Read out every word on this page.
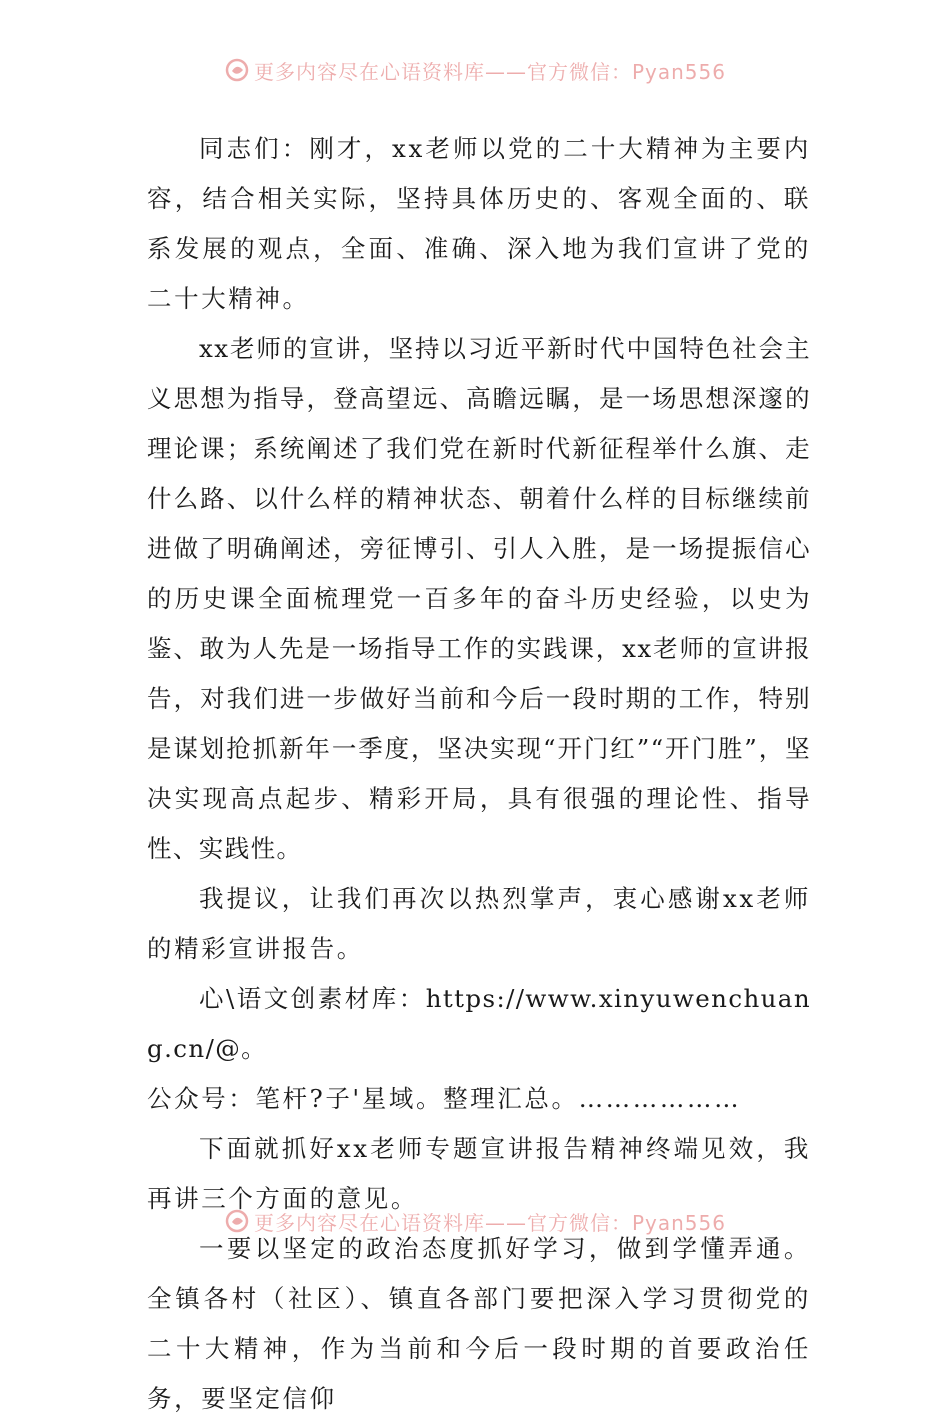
更多内容尽在心语资料库——官方微信：Pyan556

同志们：刚才，xx老师以党的二十大精神为主要内容，结合相关实际，坚持具体历史的、客观全面的、联系发展的观点，全面、准确、深入地为我们宣讲了党的二十大精神。

xx老师的宣讲，坚持以习近平新时代中国特色社会主义思想为指导，登高望远、高瞻远瞩，是一场思想深邃的理论课；系统阐述了我们党在新时代新征程举什么旗、走什么路、以什么样的精神状态、朝着什么样的目标继续前进做了明确阐述，旁征博引、引人入胜，是一场提振信心的历史课全面梳理党一百多年的奋斗历史经验，以史为鉴、敢为人先是一场指导工作的实践课，xx老师的宣讲报告，对我们进一步做好当前和今后一段时期的工作，特别是谋划抢抓新年一季度，坚决实现“开门红”“开门胜”，坚决实现高点起步、精彩开局，具有很强的理论性、指导性、实践性。

我提议，让我们再次以热烈掌声，衷心感谢xx老师的精彩宣讲报告。

心\语文创素材库：https://www.xinyuwenchuang.cn/@。

公众号：笔杆?子'星域。整理汇总。………………

下面就抓好xx老师专题宣讲报告精神终端见效，我再讲三个方面的意见。

一要以坚定的政治态度抓好学习，做到学懂弄通。全镇各村（社区）、镇直各部门要把深入学习贯彻党的二十大精神，作为当前和今后一段时期的首要政治任务，要坚定信仰

更多内容尽在心语资料库——官方微信：Pyan556
